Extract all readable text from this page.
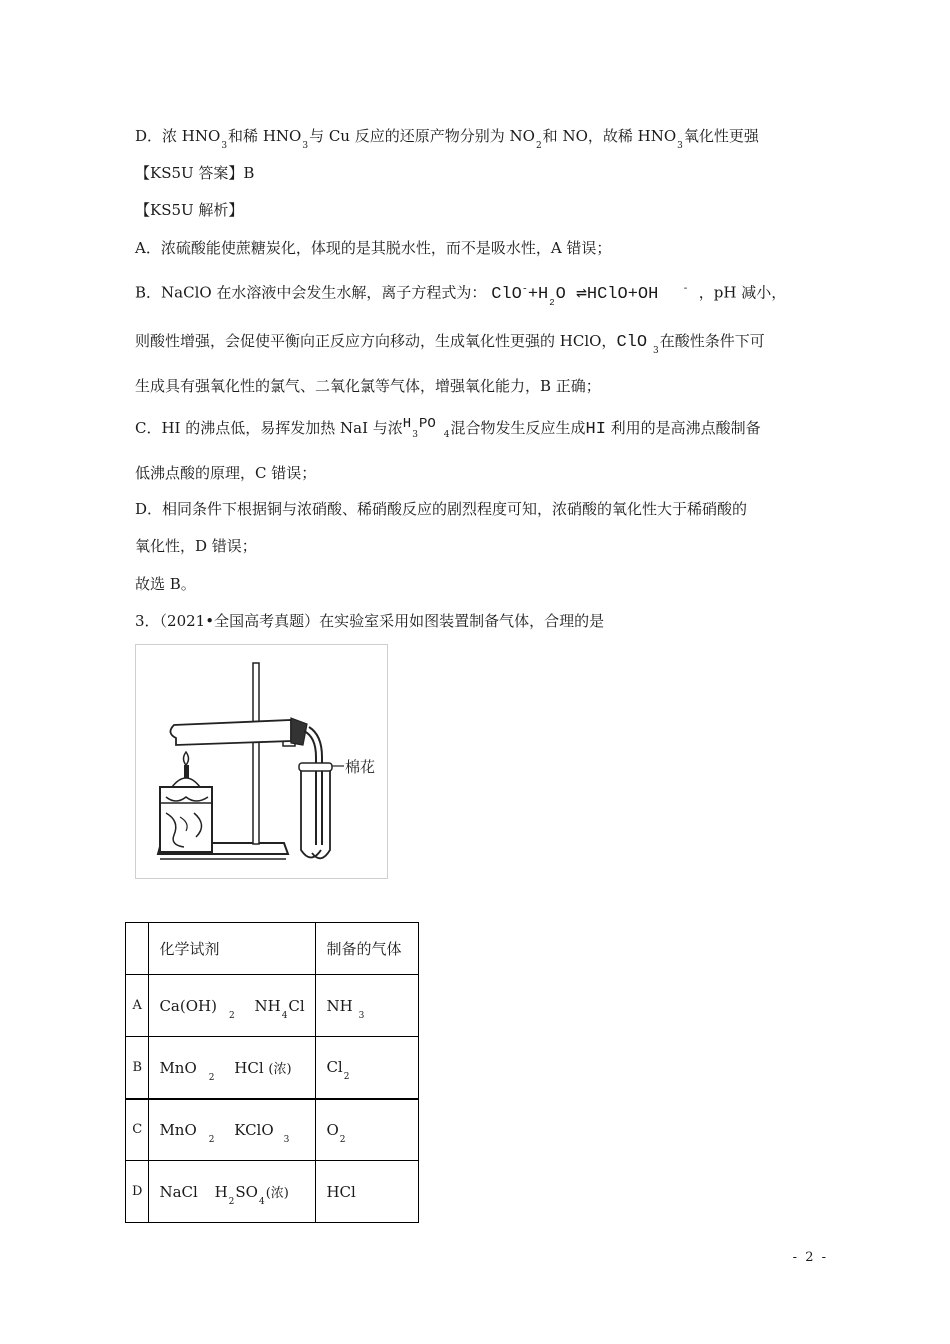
D．浓 $HNO_3$和稀 $HNO_3$与 Cu 反应的还原产物分别为 $NO_2$和 NO，故稀 $HNO_3$氧化性更强
【KS5U 答案】B
【KS5U 解析】
A．浓硫酸能使蔗糖炭化，体现的是其脱水性，而不是吸水性，A 错误；
B．NaClO 在水溶液中会发生水解，离子方程式为： $ClO^-+H_2O$ ⇌HClO+OH - ，pH 减小，
则酸性增强，会促使平衡向正反应方向移动，生成氧化性更强的 HClO，ClO $_3$在酸性条件下可
生成具有强氧化性的氯气、二氧化氯等气体，增强氧化能力，B 正确；
C．HI 的沸点低，易挥发加热 NaI 与浓$H_3PO_4$混合物发生反应生成HI 利用的是高沸点酸制备
低沸点酸的原理，C 错误；
D．相同条件下根据铜与浓硝酸、稀硝酸反应的剧烈程度可知，浓硝酸的氧化性大于稀硝酸的
氧化性，D 错误；
故选 B。
3．（2021•全国高考真题）在实验室采用如图装置制备气体，合理的是
棉花
	化学试剂	制备的气体
A	$Ca(OH)_2$ $NH_4Cl$	$NH_3$
B	MnO$_2$ HCl (浓)	$Cl_2$
C	MnO$_2$ KClO$_3$	$O_2$
D	NaCl $H_2SO_4$(浓)	HCl
- 2 -
